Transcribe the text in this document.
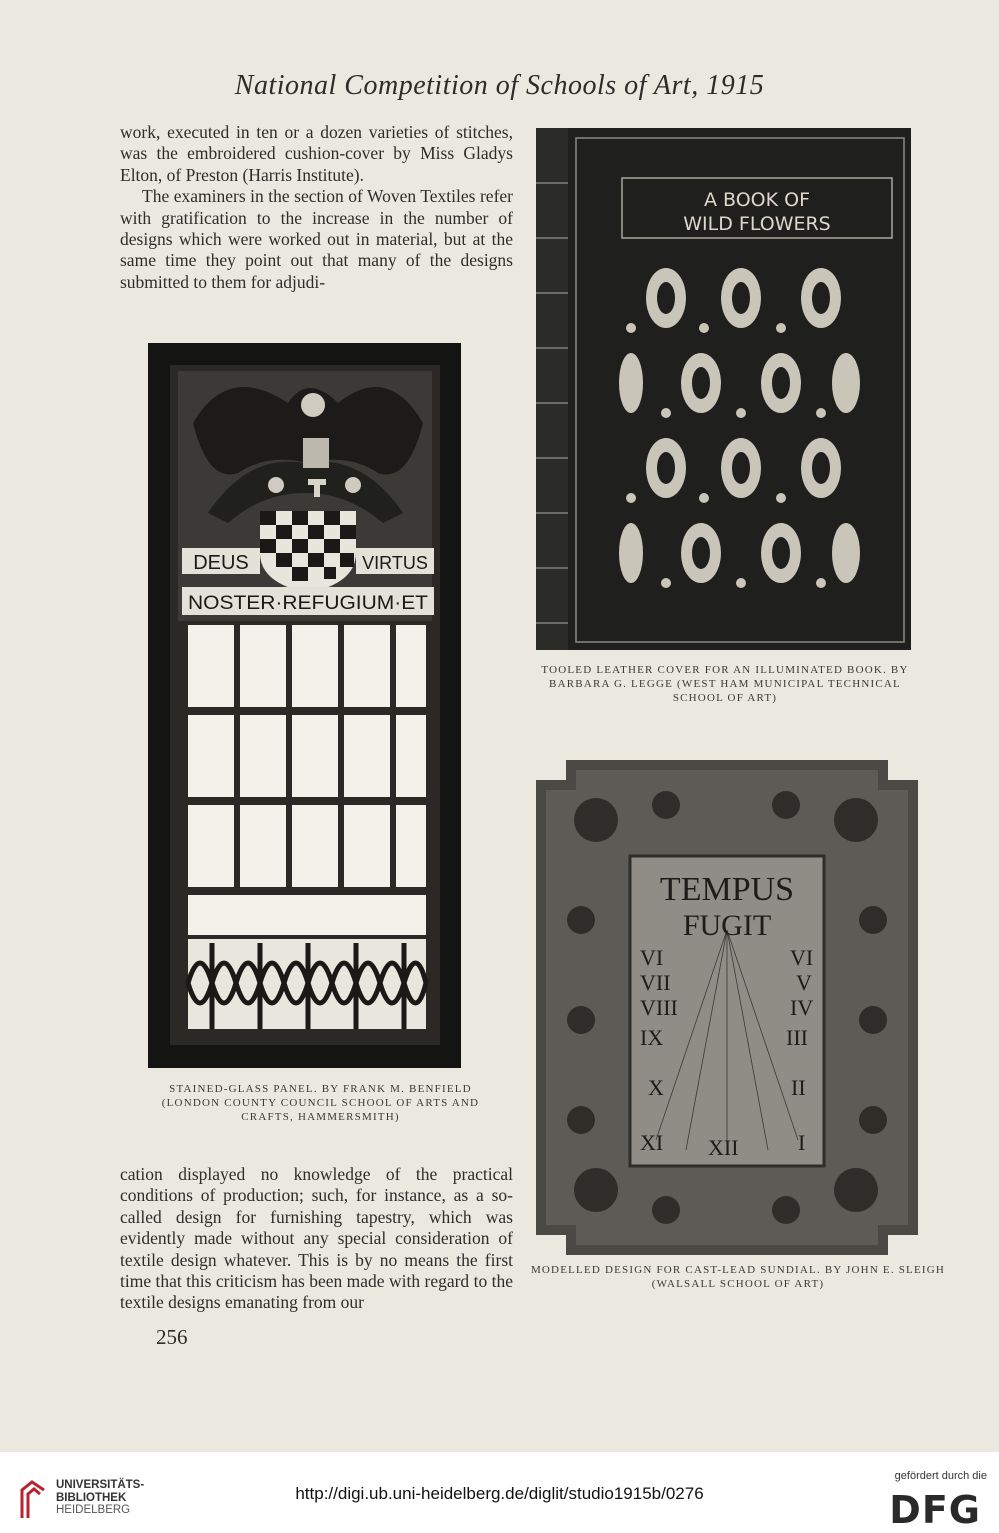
National Competition of Schools of Art, 1915

work, executed in ten or a dozen varieties of stitches, was the embroidered cushion-cover by Miss Gladys Elton, of Preston (Harris Institute).

The examiners in the section of Woven Textiles refer with gratification to the increase in the number of designs which were worked out in material, but at the same time they point out that many of the designs submitted to them for adjudi-

DEUS	VIRTUS
NOSTER·REFUGIUM·ET
STAINED-GLASS PANEL. BY FRANK M. BENFIELD (LONDON COUNTY COUNCIL SCHOOL OF ARTS AND CRAFTS, HAMMERSMITH)
A BOOK OF
WILD FLOWERS
TOOLED LEATHER COVER FOR AN ILLUMINATED BOOK. BY BARBARA G. LEGGE (WEST HAM MUNICIPAL TECHNICAL SCHOOL OF ART)
TEMPUS
FUGIT
VI
VII
VIII
IX
X
XI XII	I
II
III
IV
V
VI
MODELLED DESIGN FOR CAST-LEAD SUNDIAL. BY JOHN E. SLEIGH (WALSALL SCHOOL OF ART)

cation displayed no knowledge of the practical conditions of production; such, for instance, as a so-called design for furnishing tapestry, which was evidently made without any special consideration of textile design whatever. This is by no means the first time that this criticism has been made with regard to the textile designs emanating from our

256
UNIVERSITÄTS-
BIBLIOTHEK
HEIDELBERG
http://digi.ub.uni-heidelberg.de/diglit/studio1915b/0276
gefördert durch die
DFG
